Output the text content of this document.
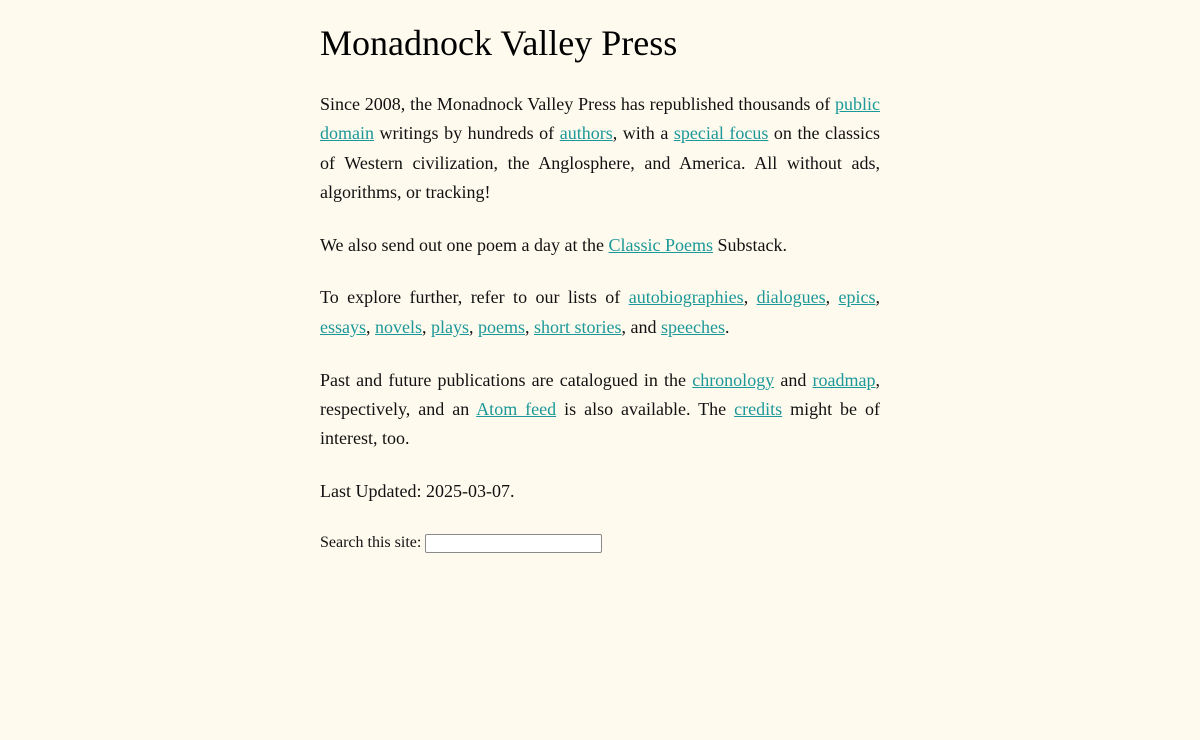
Monadnock Valley Press

Since 2008, the Monadnock Valley Press has republished thousands of public domain writings by hundreds of authors, with a special focus on the classics of Western civilization, the Anglosphere, and America. All without ads, algorithms, or tracking!

We also send out one poem a day at the Classic Poems Substack.

To explore further, refer to our lists of autobiographies, dialogues, epics, essays, novels, plays, poems, short stories, and speeches.

Past and future publications are catalogued in the chronology and roadmap, respectively, and an Atom feed is also available. The credits might be of interest, too.

Last Updated: 2025-03-07.

Search this site:
